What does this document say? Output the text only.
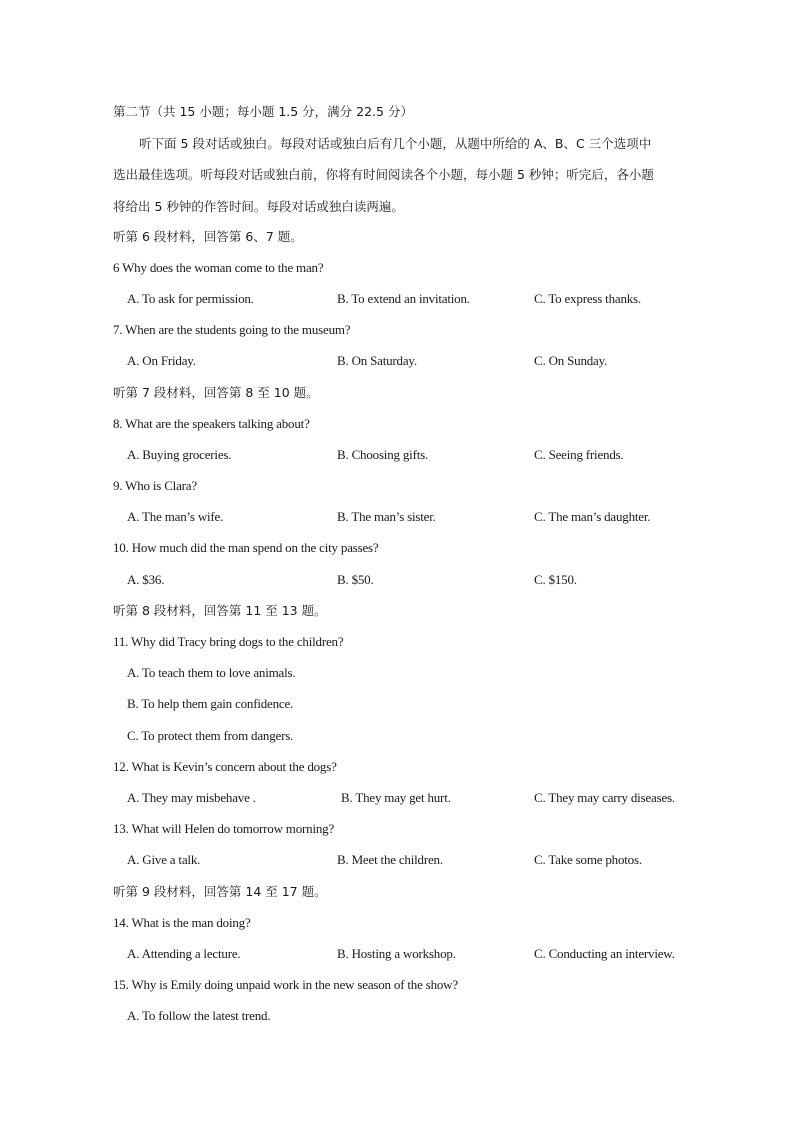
第二节（共 15 小题；每小题 1.5 分，满分 22.5 分）
听下面 5 段对话或独白。每段对话或独白后有几个小题，从题中所给的 A、B、C 三个选项中
选出最佳选项。听每段对话或独白前，你将有时间阅读各个小题，每小题 5 秒钟；听完后，各小题
将给出 5 秒钟的作答时间。每段对话或独白读两遍。
听第 6 段材料，回答第 6、7 题。
6 Why does the woman come to the man?
A. To ask for permission.	B. To extend an invitation.	C. To express thanks.
7. When are the students going to the museum?
A. On Friday.	B. On Saturday.	C. On Sunday.
听第 7 段材料，回答第 8 至 10 题。
8. What are the speakers talking about?
A. Buying groceries.	B. Choosing gifts.	C. Seeing friends.
9. Who is Clara?
A. The man’s wife.	B. The man’s sister.	C. The man’s daughter.
10. How much did the man spend on the city passes?
A. $36.	B. $50.	C. $150.
听第 8 段材料，回答第 11 至 13 题。
11. Why did Tracy bring dogs to the children?
A. To teach them to love animals.
B. To help them gain confidence.
C. To protect them from dangers.
12. What is Kevin’s concern about the dogs?
A. They may misbehave .	B. They may get hurt.	C. They may carry diseases.
13. What will Helen do tomorrow morning?
A. Give a talk.	B. Meet the children.	C. Take some photos.
听第 9 段材料，回答第 14 至 17 题。
14. What is the man doing?
A. Attending a lecture.	B. Hosting a workshop.	C. Conducting an interview.
15. Why is Emily doing unpaid work in the new season of the show?
A. To follow the latest trend.
